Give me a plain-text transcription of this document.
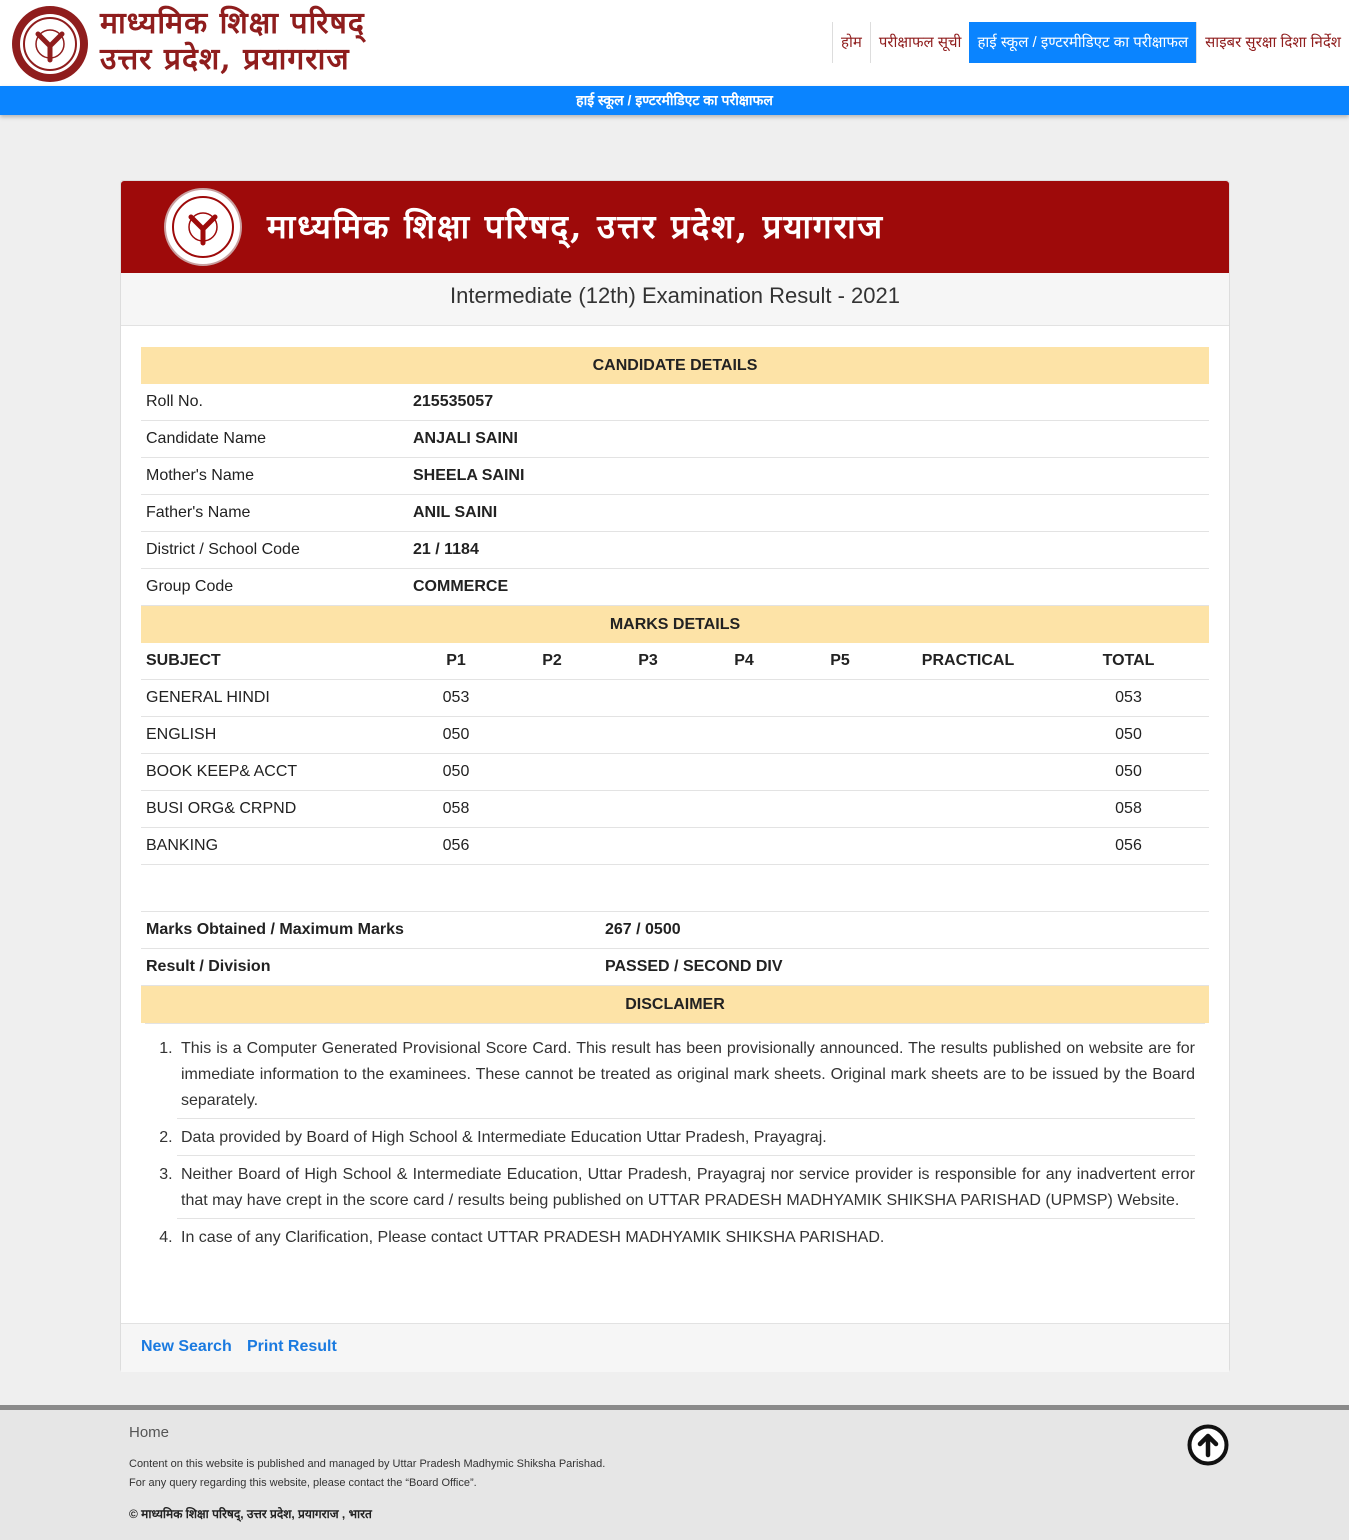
माध्यमिक शिक्षा परिषद्
उत्तर प्रदेश, प्रयागराज	होम	परीक्षाफल सूची	हाई स्कूल / इण्टरमीडिएट का परीक्षाफल	साइबर सुरक्षा दिशा निर्देश
हाई स्कूल / इण्टरमीडिएट का परीक्षाफल
माध्यमिक शिक्षा परिषद्, उत्तर प्रदेश, प्रयागराज
Intermediate (12th) Examination Result - 2021
CANDIDATE DETAILS
Roll No.	215535057
Candidate Name	ANJALI SAINI
Mother's Name	SHEELA SAINI
Father's Name	ANIL SAINI
District / School Code	21 / 1184
Group Code	COMMERCE
MARKS DETAILS
SUBJECT	P1	P2	P3	P4	P5	PRACTICAL	TOTAL
GENERAL HINDI	053						053
ENGLISH	050						050
BOOK KEEP& ACCT	050						050
BUSI ORG& CRPND	058						058
BANKING	056						056
Marks Obtained / Maximum Marks	267 / 0500
Result / Division	PASSED / SECOND DIV
DISCLAIMER
1. This is a Computer Generated Provisional Score Card. This result has been provisionally announced. The results published on website are for immediate information to the examinees. These cannot be treated as original mark sheets. Original mark sheets are to be issued by the Board separately.
2. Data provided by Board of High School & Intermediate Education Uttar Pradesh, Prayagraj.
3. Neither Board of High School & Intermediate Education, Uttar Pradesh, Prayagraj nor service provider is responsible for any inadvertent error that may have crept in the score card / results being published on UTTAR PRADESH MADHYAMIK SHIKSHA PARISHAD (UPMSP) Website.
4. In case of any Clarification, Please contact UTTAR PRADESH MADHYAMIK SHIKSHA PARISHAD.
New Search Print Result
Home
Content on this website is published and managed by Uttar Pradesh Madhymic Shiksha Parishad.
For any query regarding this website, please contact the “Board Office”.
© माध्यमिक शिक्षा परिषद्, उत्तर प्रदेश, प्रयागराज , भारत
